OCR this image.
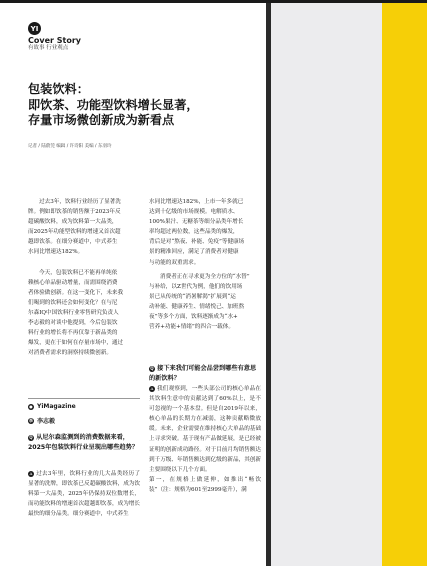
YI
Cover Story
有故事 行业观点
包装饮料：
即饮茶、功能型饮料增长显著，
存量市场微创新成为新看点
记者 / 陆蔚莞 编辑 / 许诗阳 美编 / 东羽玲

过去3年，饮料行业经历了显著洗
牌。例如即饮茶的销售额于2023年反
超碳酸饮料，成为饮料第一大品类，
而2025年功能型饮料的增速又首次超
越即饮茶。在细分赛道中，中式养生
水同比增速达182%。

今天，包装饮料已不能再单纯依
赖核心单品驱动增量，而需围绕消费
者体验做创新。在这一变化下，未来我
们喝到的饮料还会如何变化？在与尼
尔森IQ中国饮料行业零售研究负责人
李志毅的对谈中他提到，今后包装饮
料行业的增长将不再仅靠于新品类的
爆发，更在于如何在存量市场中，通过
对消费者需求的洞察持续微创新。

● YiMagazine
李 李志毅
Q 从尼尔森监测到的消费数据来看，2025年包装饮料行业呈现出哪些趋势？

A 过去3年里，饮料行业的几大品类经历了显著的洗牌，即饮茶已反超碳酸饮料，成为饮料第一大品类，2025年仍保持双位数增长，而功能饮料的增速首次超越即饮茶，成为增长最快的细分品类。细分赛道中，中式养生

水同比增速达182%，上市一年多就已
达到十亿级的市场规模。电解质水、
100%果汁、无糖茶等细分品类年增长
率均超过两位数，这些品类的爆发，
背后是对“熬夜、补能、免疫”等健康场
景的精准回应，满足了消费者对健康
与功能的双重需求。

消费者正在寻求更为全方位的“水替”
与补给，以Z世代为例，他们的饮用场
景已从传统的“消暑解渴”扩展到“运
动补能、健康养生、情绪悦己、加班熬
夜”等多个方面，饮料逐渐成为“水+
营养+功能+情绪”的四合一载体。

Q 接下来我们可能会品尝到哪些有意思的新饮料？

A 我们观察到，一些头部公司的核心单品在其饮料生意中的贡献达到了60%以上，是不可忽视的一个基本盘。但是自2019年以来，核心单品的长期力在减弱，这种贡献略微放缓。未来，企业需要在维持核心大单品的基础上寻求突破。基于现有产品做延展，是已经被证明的创新成功路径。对于目前月均销售额达到千万级、年销售额达到亿级的新品，其创新主要围绕以下几个方面。

第一，在规格上做延伸，如推出“畅饮装”（注：规格为601至2999毫升），满
